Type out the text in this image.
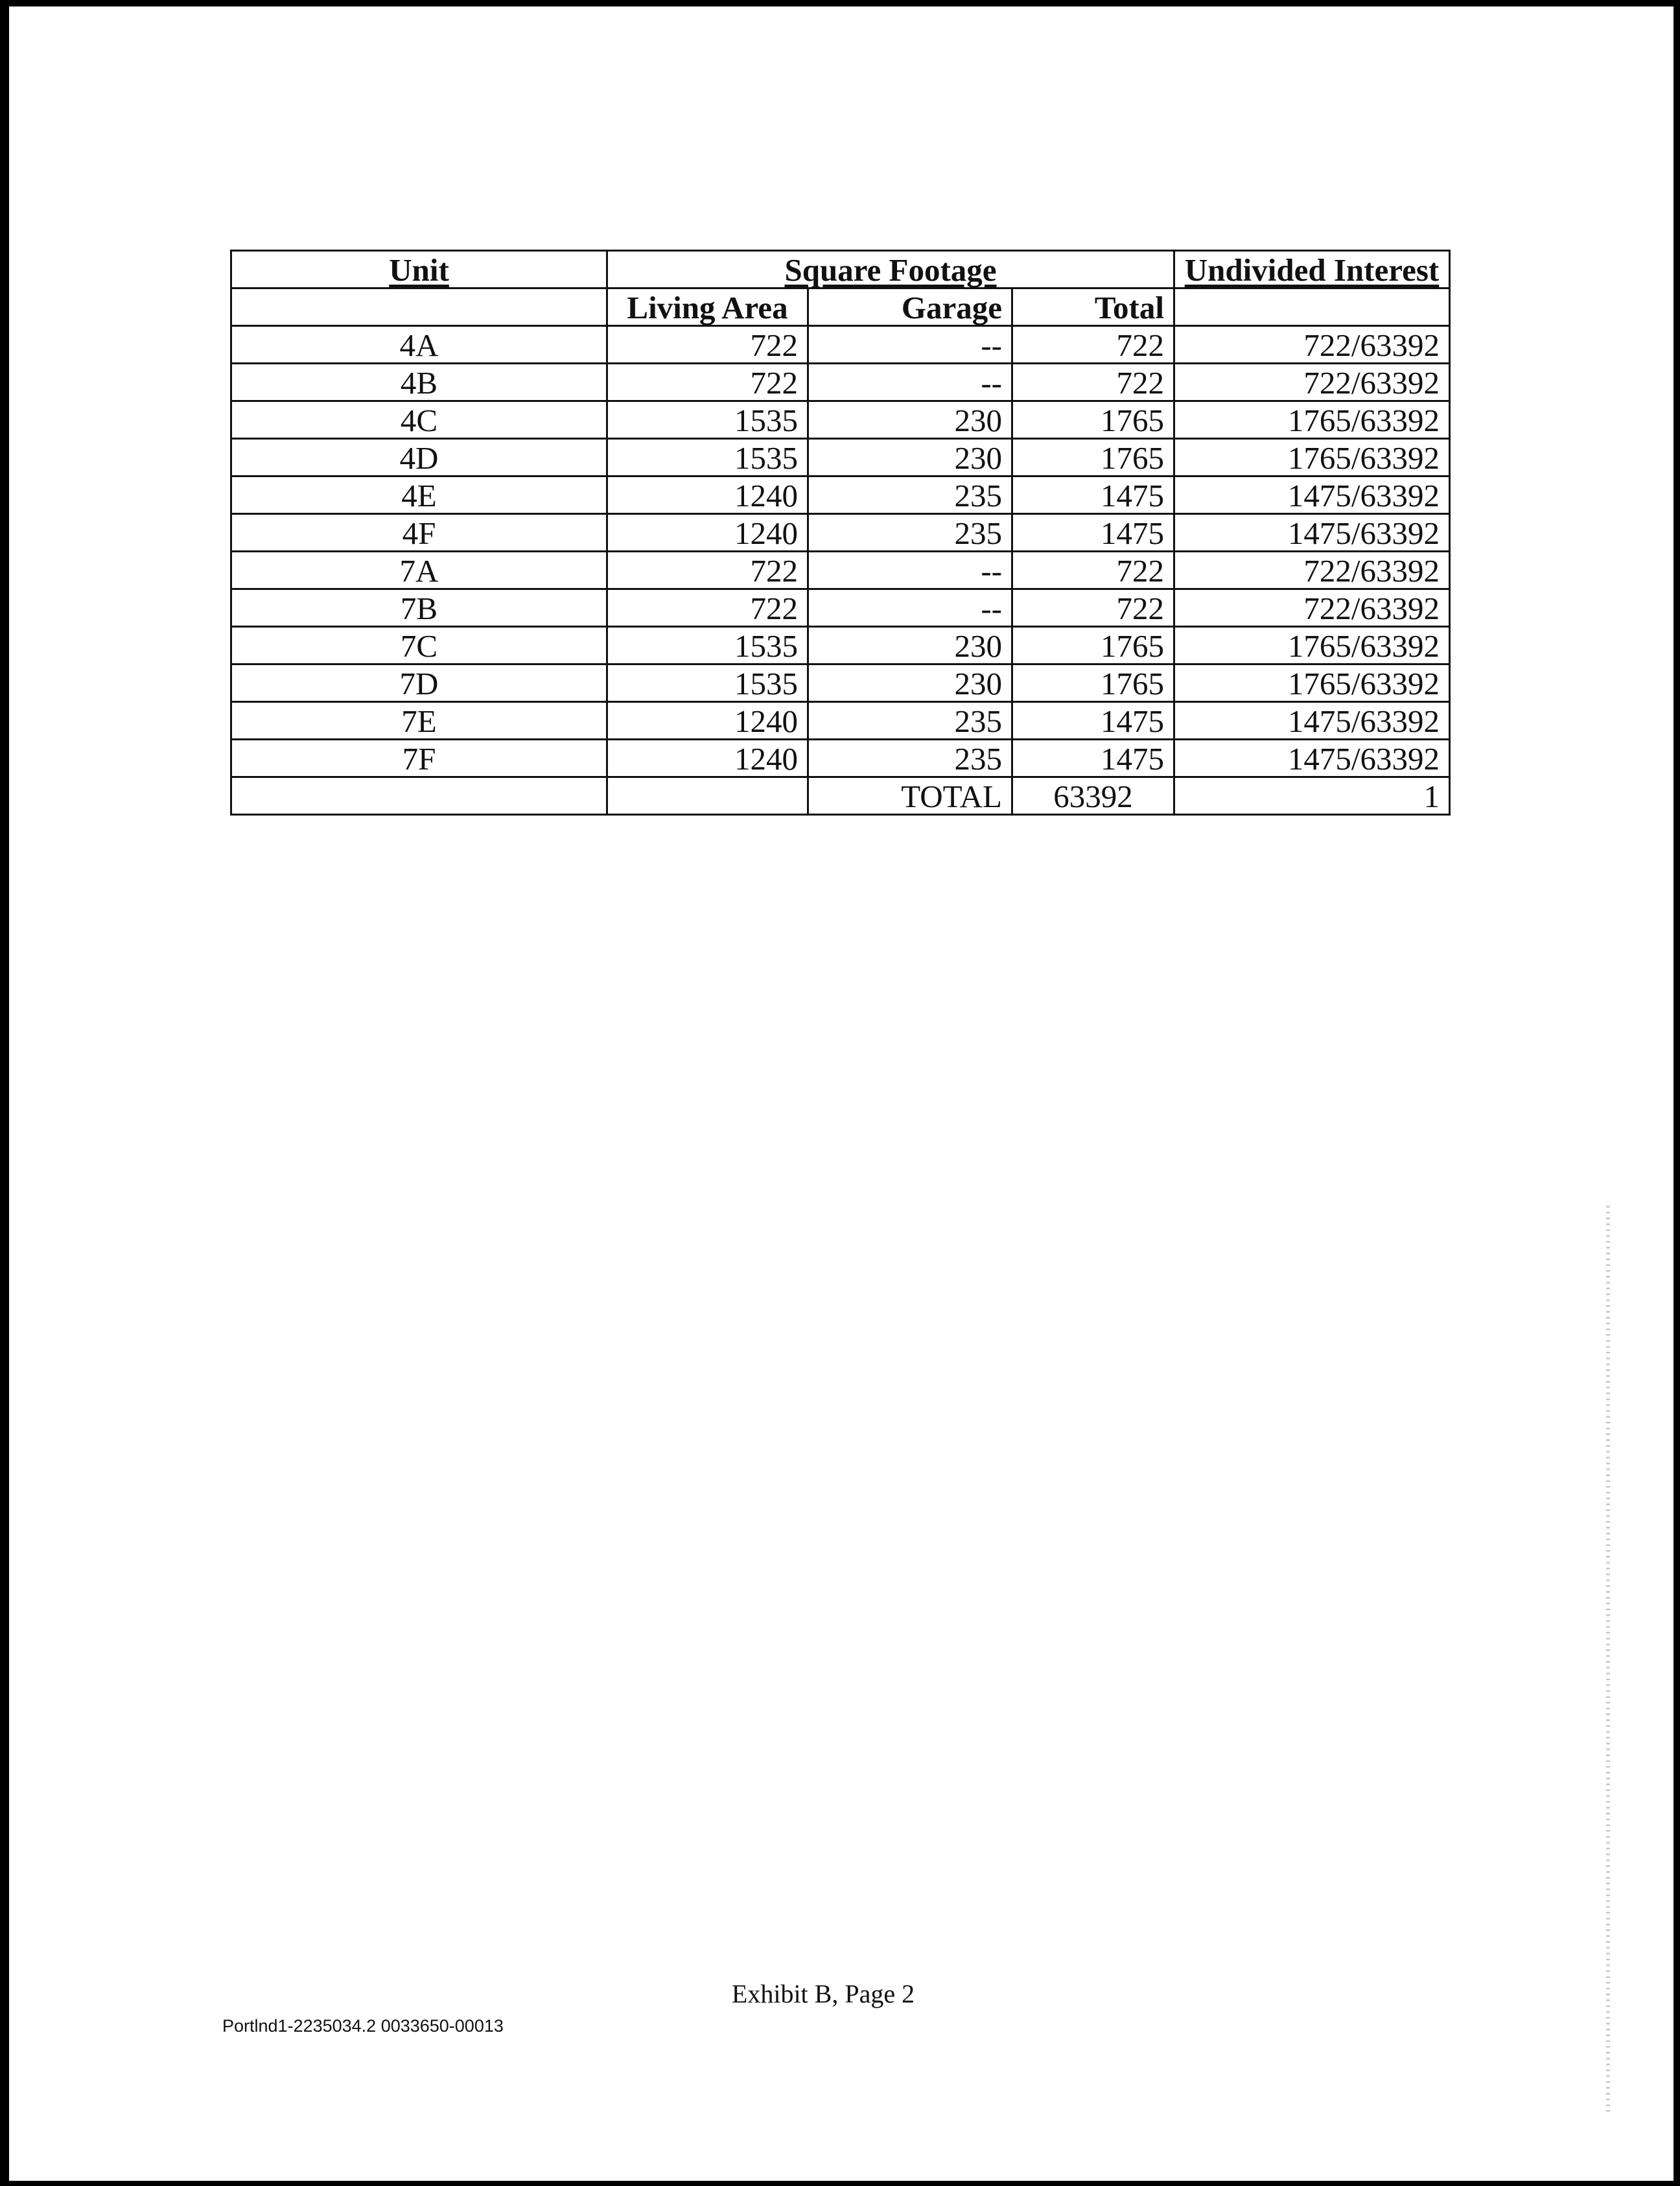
Unit	Square Footage			Undivided Interest
	Living Area	Garage	Total	
4A	722	--	722	722/63392
4B	722	--	722	722/63392
4C	1535	230	1765	1765/63392
4D	1535	230	1765	1765/63392
4E	1240	235	1475	1475/63392
4F	1240	235	1475	1475/63392
7A	722	--	722	722/63392
7B	722	--	722	722/63392
7C	1535	230	1765	1765/63392
7D	1535	230	1765	1765/63392
7E	1240	235	1475	1475/63392
7F	1240	235	1475	1475/63392
		TOTAL	63392	1
Exhibit B, Page 2
Portlnd1-2235034.2 0033650-00013
